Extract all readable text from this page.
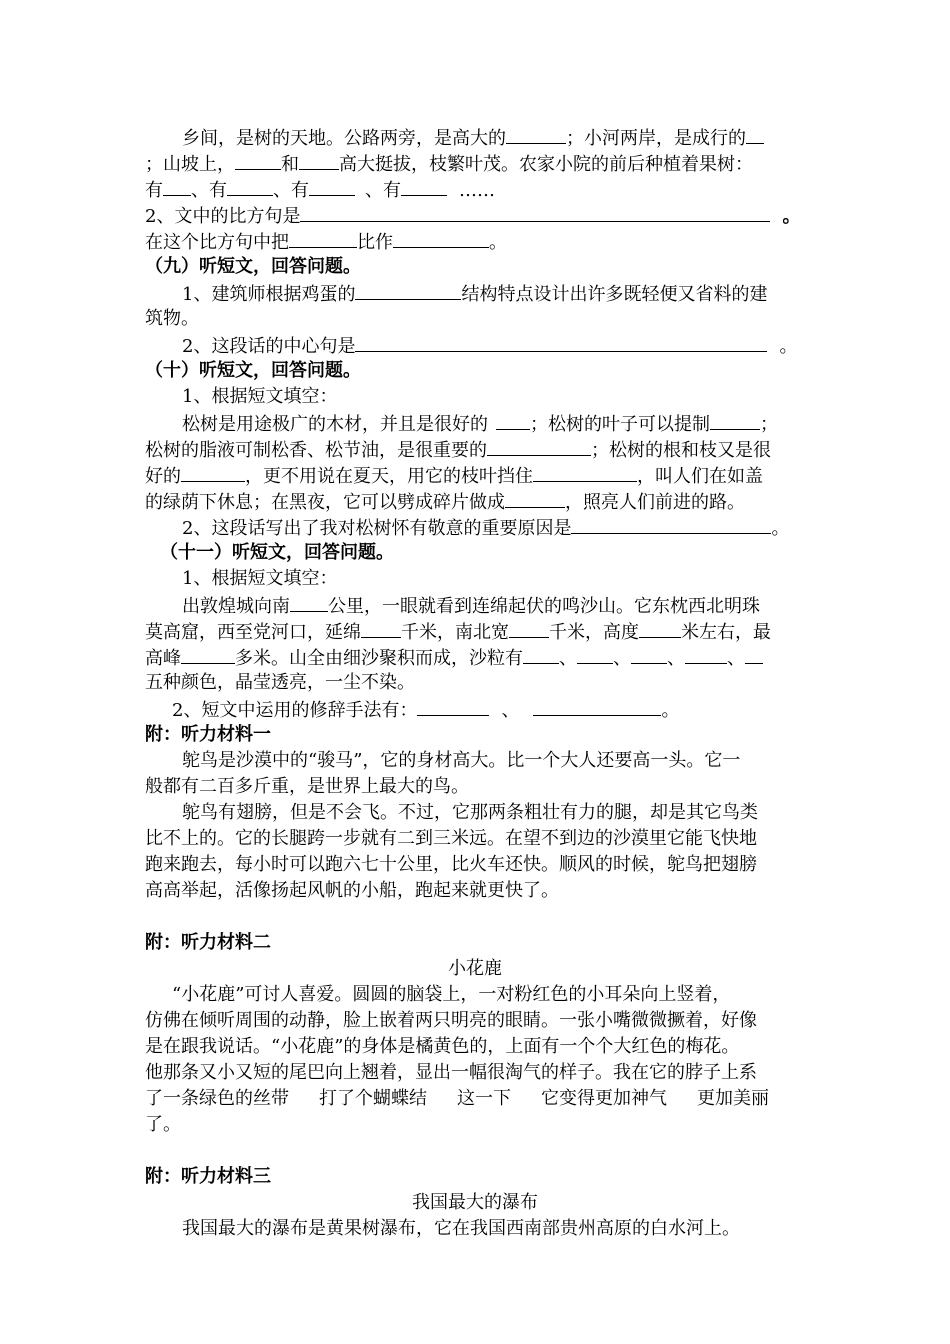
乡间，是树的天地。公路两旁，是高大的	；小河两岸，是成行的
；山坡上，	和 高大挺拔，枝繁叶茂。农家小院的前后种植着果树：
有 、有	、有	、有	……
2、文中的比方句是	。
在这个比方句中把	比作	。
（九）听短文，回答问题。
1、建筑师根据鸡蛋的	结构特点设计出许多既轻便又省料的建
筑物。
2、这段话的中心句是	。
（十）听短文，回答问题。
1、根据短文填空：
松树是用途极广的木材，并且是很好的 ；松树的叶子可以提制	；
松树的脂液可制松香、松节油，是很重要的	；松树的根和枝又是很
好的	，更不用说在夏天，用它的枝叶挡住	，叫人们在如盖
的绿荫下休息；在黑夜，它可以劈成碎片做成	，照亮人们前进的路。
2、这段话写出了我对松树怀有敬意的重要原因是	。
（十一）听短文，回答问题。
1、根据短文填空：
出敦煌城向南 公里，一眼就看到连绵起伏的鸣沙山。它东枕西北明珠
莫高窟，西至党河口，延绵 千米，南北宽 千米，高度 米左右，最
高峰	多米。山全由细沙聚积而成，沙粒有 、 、 、 、
五种颜色，晶莹透亮，一尘不染。
2、短文中运用的修辞手法有：	、	。
附：听力材料一
鸵鸟是沙漠中的“骏马”，它的身材高大。比一个大人还要高一头。它一
般都有二百多斤重，是世界上最大的鸟。
鸵鸟有翅膀，但是不会飞。不过，它那两条粗壮有力的腿，却是其它鸟类
比不上的。它的长腿跨一步就有二到三米远。在望不到边的沙漠里它能飞快地
跑来跑去，每小时可以跑六七十公里，比火车还快。顺风的时候，鸵鸟把翅膀
高高举起，活像扬起风帆的小船，跑起来就更快了。
附：听力材料二
小花鹿
“小花鹿”可讨人喜爱。圆圆的脑袋上，一对粉红色的小耳朵向上竖着，
仿佛在倾听周围的动静，脸上嵌着两只明亮的眼睛。一张小嘴微微撅着，好像
是在跟我说话。“小花鹿”的身体是橘黄色的，上面有一个个大红色的梅花。
他那条又小又短的尾巴向上翘着，显出一幅很淘气的样子。我在它的脖子上系
了一条绿色的丝带 打了个蝴蝶结 这一下 它变得更加神气 更加美丽
了。
附：听力材料三
我国最大的瀑布
我国最大的瀑布是黄果树瀑布，它在我国西南部贵州高原的白水河上。
